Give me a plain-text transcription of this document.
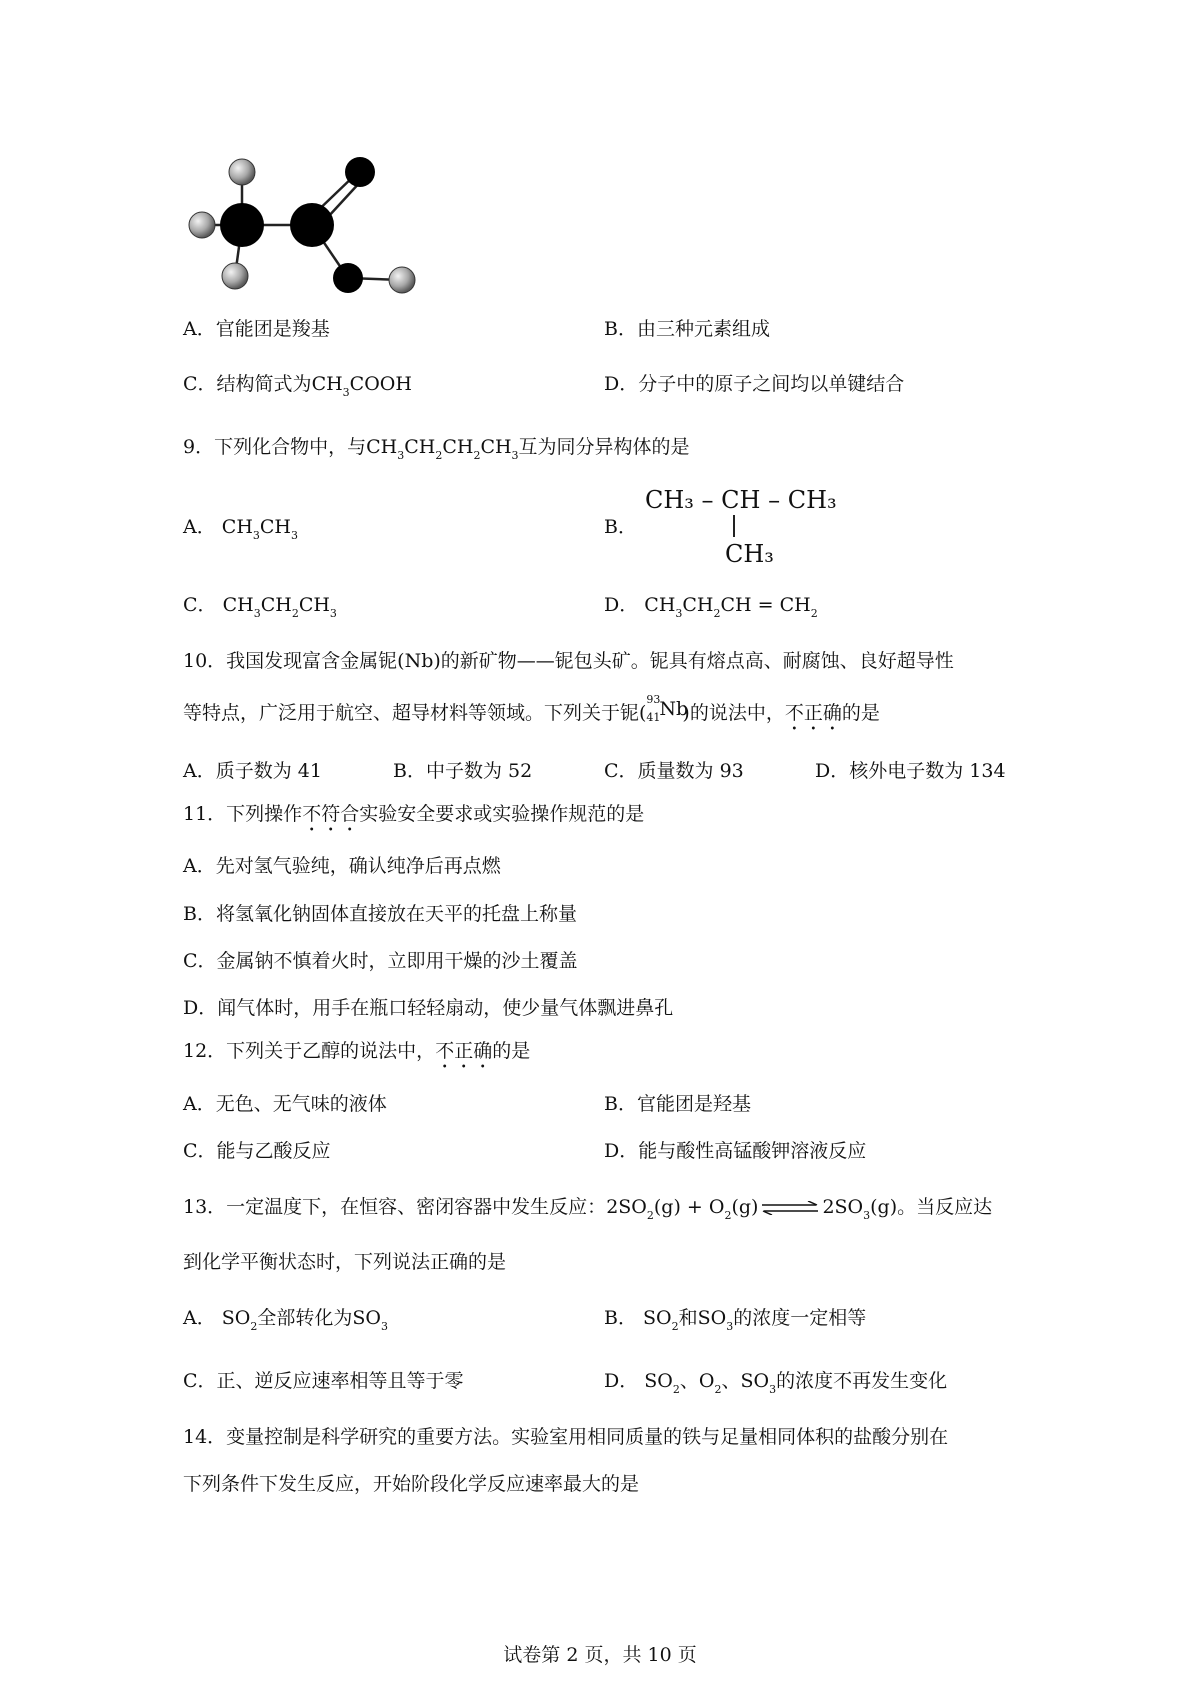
A．官能团是羧基	B．由三种元素组成
C．结构简式为$CH_3COOH$	D．分子中的原子之间均以单键结合
9．下列化合物中，与$CH_3CH_2CH_2CH_3$互为同分异构体的是
A． $CH_3CH_3$	B．
CH₃ – CH – CH₃
CH₃
C． $CH_3CH_2CH_3$	D． $CH_3CH_2CH = CH_2$
10．我国发现富含金属铌(Nb)的新矿物——铌包头矿。铌具有熔点高、耐腐蚀、良好超导性
等特点，广泛用于航空、超导材料等领域。下列关于铌(
93
41 Nb
)的说法中，不正确的是
A．质子数为 41	B．中子数为 52	C．质量数为 93	D．核外电子数为 134
11．下列操作不符合实验安全要求或实验操作规范的是
A．先对氢气验纯，确认纯净后再点燃
B．将氢氧化钠固体直接放在天平的托盘上称量
C．金属钠不慎着火时，立即用干燥的沙土覆盖
D．闻气体时，用手在瓶口轻轻扇动，使少量气体飘进鼻孔
12．下列关于乙醇的说法中，不正确的是
A．无色、无气味的液体	B．官能团是羟基
C．能与乙酸反应	D．能与酸性高锰酸钾溶液反应
13．一定温度下，在恒容、密闭容器中发生反应：$2SO_2(g) + O_2(g)$ ⇌ $2SO_3(g)$。当反应达
到化学平衡状态时，下列说法正确的是
A． $SO_2$全部转化为$SO_3$	B． $SO_2$和$SO_3$的浓度一定相等
C．正、逆反应速率相等且等于零	D． $SO_2$、$O_2$、$SO_3$的浓度不再发生变化
14．变量控制是科学研究的重要方法。实验室用相同质量的铁与足量相同体积的盐酸分别在
下列条件下发生反应，开始阶段化学反应速率最大的是
试卷第 2 页，共 10 页
